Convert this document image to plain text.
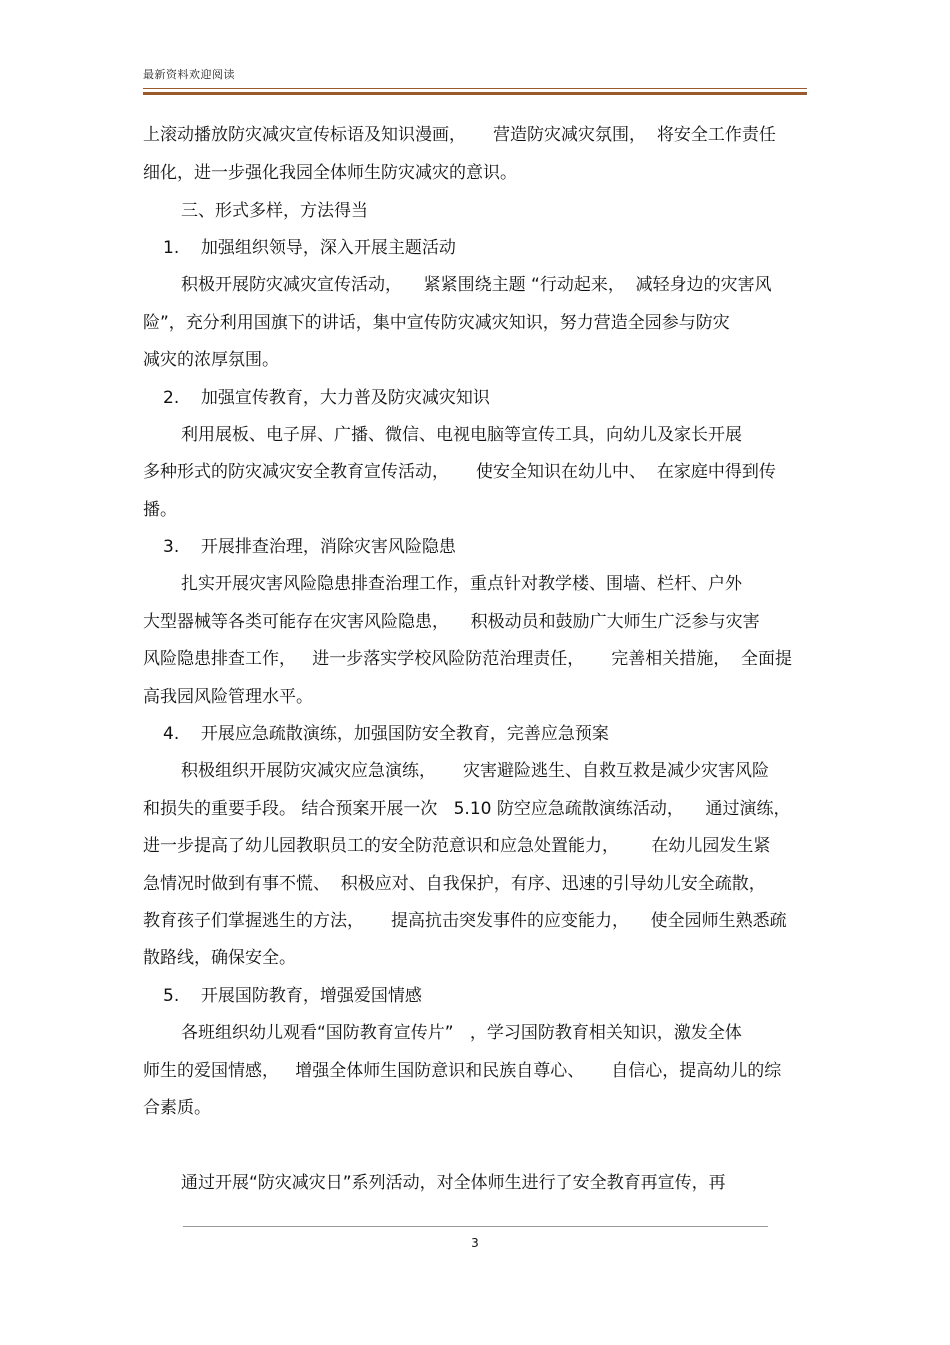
最新资料欢迎阅读
上滚动播放防灾减灾宣传标语及知识漫画，     营造防灾减灾氛围，  将安全工作责任
细化，进一步强化我园全体师生防灾减灾的意识。
三、形式多样，方法得当
1.    加强组织领导，深入开展主题活动
积极开展防灾减灾宣传活动，    紧紧围绕主题 “行动起来，  减轻身边的灾害风
险”，充分利用国旗下的讲话，集中宣传防灾减灾知识，努力营造全园参与防灾
减灾的浓厚氛围。
2.    加强宣传教育，大力普及防灾减灾知识
利用展板、电子屏、广播、微信、电视电脑等宣传工具，向幼儿及家长开展
多种形式的防灾减灾安全教育宣传活动，     使安全知识在幼儿中、  在家庭中得到传
播。
3.    开展排查治理，消除灾害风险隐患
扎实开展灾害风险隐患排查治理工作，重点针对教学楼、围墙、栏杆、户外
大型器械等各类可能存在灾害风险隐患，    积极动员和鼓励广大师生广泛参与灾害
风险隐患排查工作，   进一步落实学校风险防范治理责任，     完善相关措施，  全面提
高我园风险管理水平。
4.    开展应急疏散演练，加强国防安全教育，完善应急预案
积极组织开展防灾减灾应急演练，     灾害避险逃生、自救互救是减少灾害风险
和损失的重要手段。 结合预案开展一次   5.10 防空应急疏散演练活动，    通过演练，
进一步提高了幼儿园教职员工的安全防范意识和应急处置能力，      在幼儿园发生紧
急情况时做到有事不慌、  积极应对、自我保护，有序、迅速的引导幼儿安全疏散，
教育孩子们掌握逃生的方法，     提高抗击突发事件的应变能力，    使全园师生熟悉疏
散路线，确保安全。
5.    开展国防教育，增强爱国情感
各班组织幼儿观看“国防教育宣传片”   ，学习国防教育相关知识，激发全体
师生的爱国情感，   增强全体师生国防意识和民族自尊心、     自信心，提高幼儿的综
合素质。
通过开展“防灾减灾日”系列活动，对全体师生进行了安全教育再宣传，再
3
